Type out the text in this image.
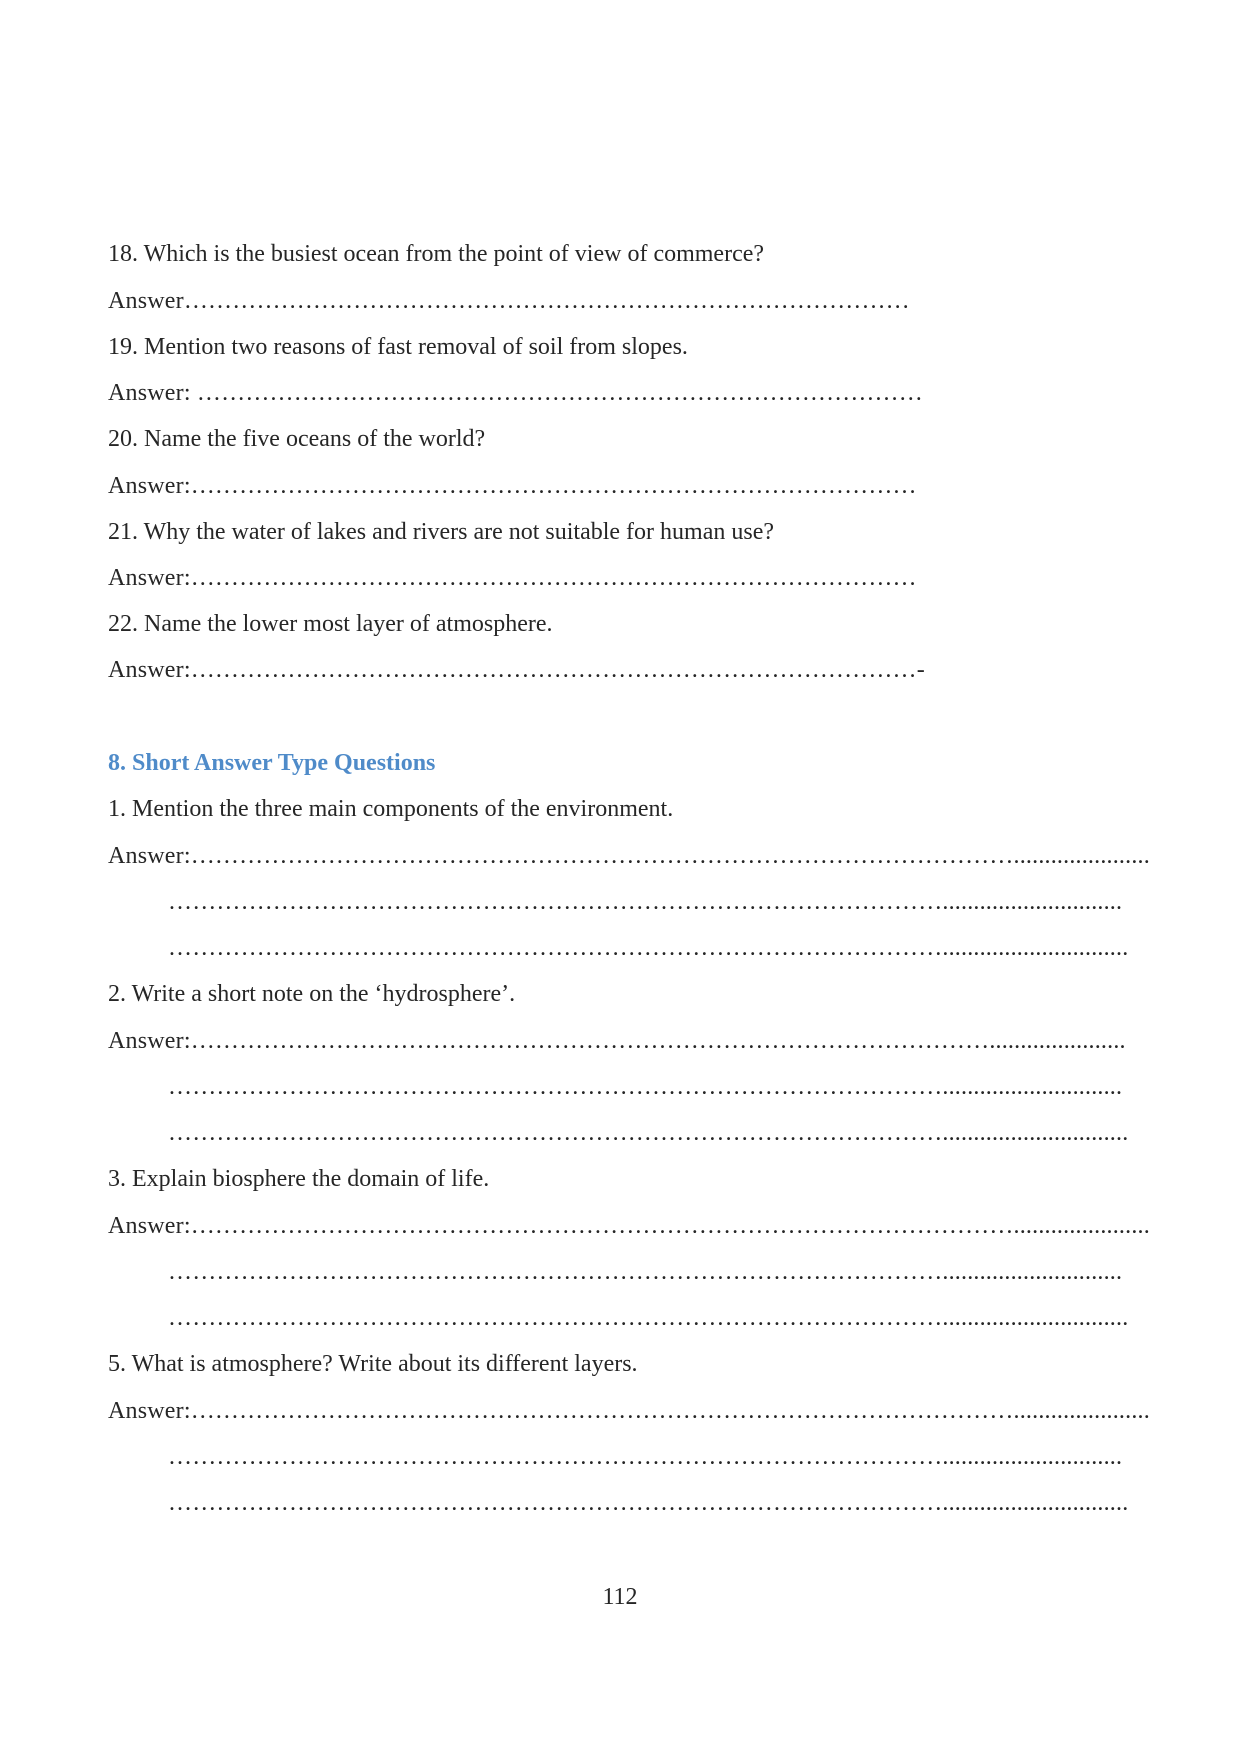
18. Which is the busiest ocean from the point of view of commerce?
Answer………………………………………………………………………………
19. Mention two reasons of fast removal of soil from slopes.
Answer: ………………………………………………………………………………
20. Name the five oceans of the world?
Answer:………………………………………………………………………………
21. Why the water of lakes and rivers are not suitable for human use?
Answer:………………………………………………………………………………
22. Name the lower most layer of atmosphere.
Answer:………………………………………………………………………………-
8. Short Answer Type Questions
1. Mention the three main components of the environment.
Answer:…………………………………………………………………………………………......................
…………………………………………………………………………………….............................
……………………………………………………………………………………..............................
2. Write a short note on the ‘hydrosphere’.
Answer:………………………………………………………………………………………......................
…………………………………………………………………………………….............................
……………………………………………………………………………………..............................
3. Explain biosphere the domain of life.
Answer:…………………………………………………………………………………………......................
…………………………………………………………………………………….............................
……………………………………………………………………………………..............................
5. What is atmosphere? Write about its different layers.
Answer:…………………………………………………………………………………………......................
…………………………………………………………………………………….............................
……………………………………………………………………………………..............................
112
